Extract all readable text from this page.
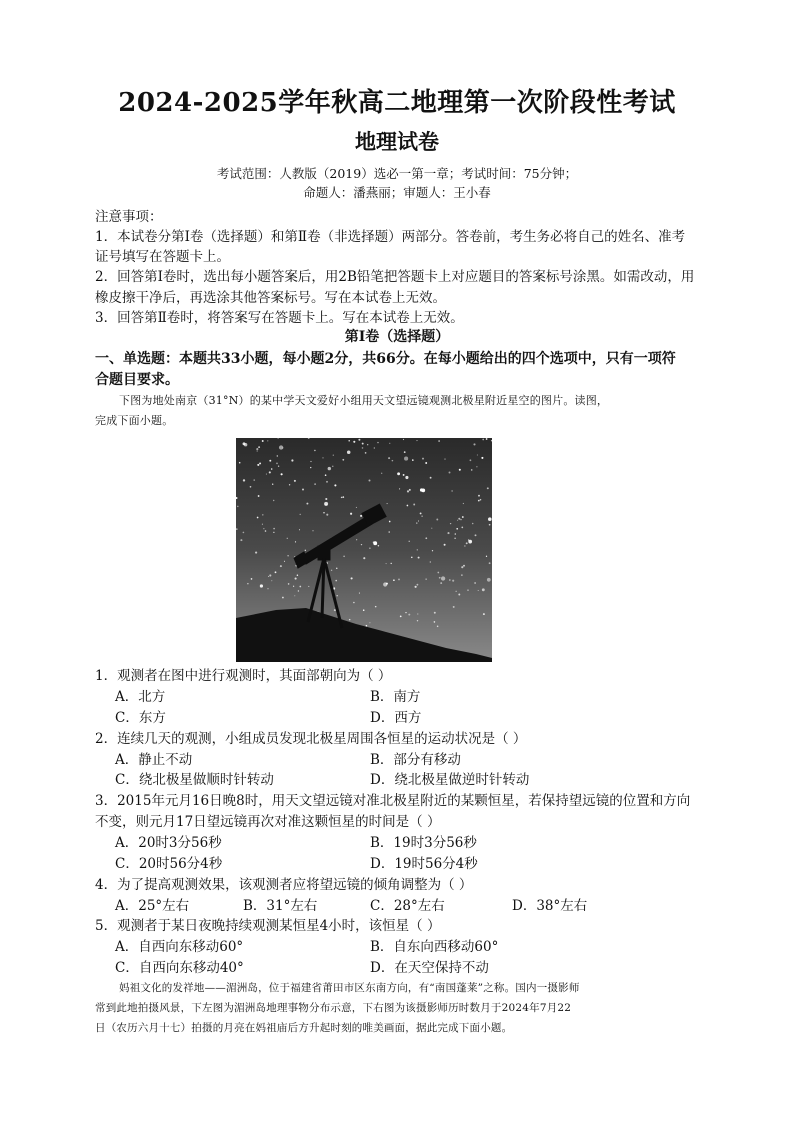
2024-2025学年秋高二地理第一次阶段性考试
地理试卷
考试范围：人教版（2019）选必一第一章；考试时间：75分钟；
命题人：潘燕丽；审题人：王小春
注意事项：
1．本试卷分第Ⅰ卷（选择题）和第Ⅱ卷（非选择题）两部分。答卷前，考生务必将自己的姓名、准考
证号填写在答题卡上。
2．回答第Ⅰ卷时，选出每小题答案后，用2B铅笔把答题卡上对应题目的答案标号涂黑。如需改动，用
橡皮擦干净后，再选涂其他答案标号。写在本试卷上无效。
3．回答第Ⅱ卷时，将答案写在答题卡上。写在本试卷上无效。
第Ⅰ卷（选择题）
一、单选题：本题共33小题，每小题2分，共66分。在每小题给出的四个选项中，只有一项符
合题目要求。
下图为地处南京（31°N）的某中学天文爱好小组用天文望远镜观测北极星附近星空的图片。读图，
完成下面小题。
1．观测者在图中进行观测时，其面部朝向为（ ）
A．北方	B．南方
C．东方	D．西方
2．连续几天的观测，小组成员发现北极星周围各恒星的运动状况是（ ）
A．静止不动	B．部分有移动
C．绕北极星做顺时针转动	D．绕北极星做逆时针转动
3．2015年元月16日晚8时，用天文望远镜对准北极星附近的某颗恒星，若保持望远镜的位置和方向
不变，则元月17日望远镜再次对准这颗恒星的时间是（ ）
A．20时3分56秒	B．19时3分56秒
C．20时56分4秒	D．19时56分4秒
4．为了提高观测效果，该观测者应将望远镜的倾角调整为（ ）
A．25°左右	B．31°左右	C．28°左右	D．38°左右
5．观测者于某日夜晚持续观测某恒星4小时，该恒星（ ）
A．自西向东移动60°	B．自东向西移动60°
C．自西向东移动40°	D．在天空保持不动
妈祖文化的发祥地——湄洲岛，位于福建省莆田市区东南方向，有“南国蓬莱”之称。国内一摄影师
常到此地拍摄风景，下左图为湄洲岛地理事物分布示意，下右图为该摄影师历时数月于2024年7月22
日（农历六月十七）拍摄的月亮在妈祖庙后方升起时刻的唯美画面，据此完成下面小题。
